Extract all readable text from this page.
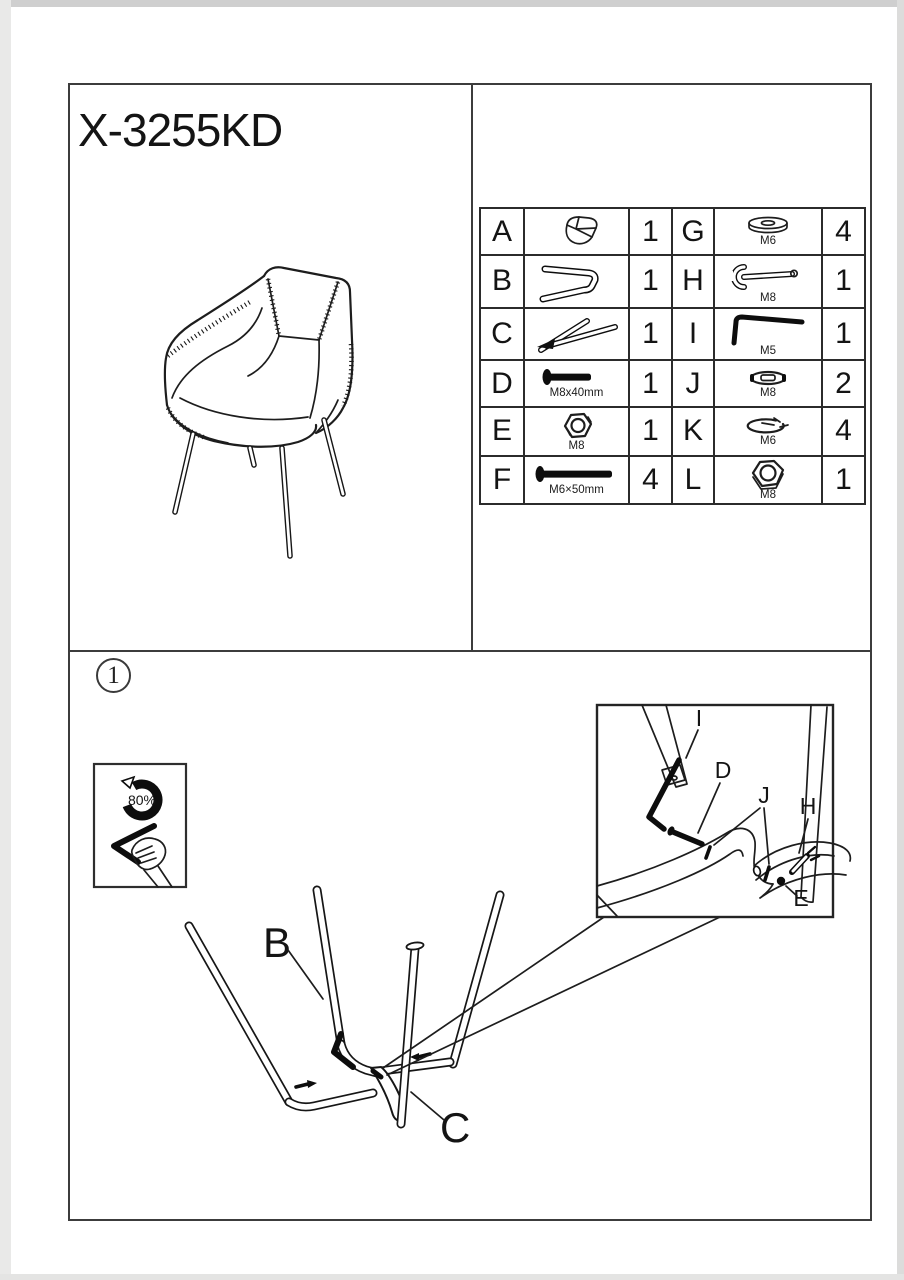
X-3255KD
A		1	G	M6	4
B		1	H	M8	1
C		1	I	M5	1
D	M8x40mm	1	J	M8	2
E	M8	1	K	M6	4
F	M6×50mm	4	L	M8	1
1
80%
B
C
I
D
J H
E
